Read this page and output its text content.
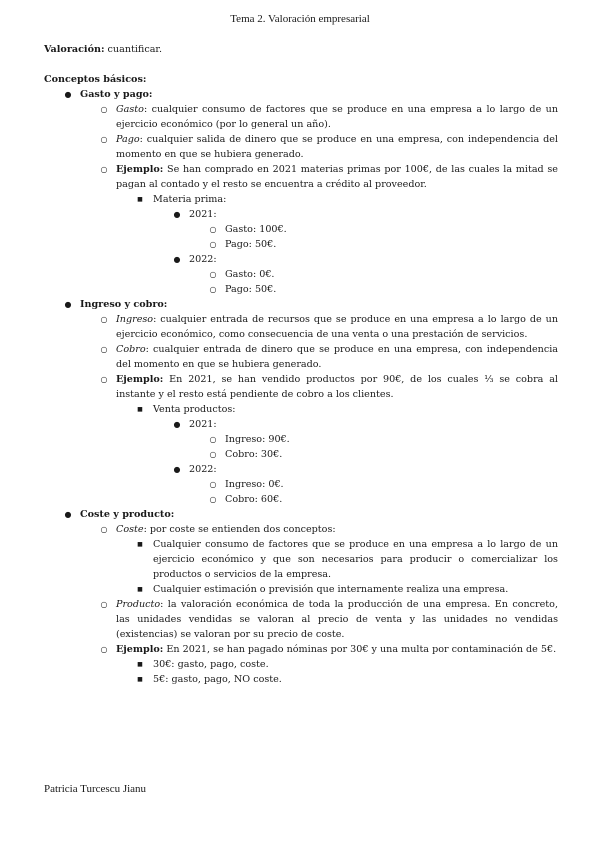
Tema 2. Valoración empresarial

Valoración: cuantificar.

Conceptos básicos:

● Gasto y pago:
○ Gasto: cualquier consumo de factores que se produce en una empresa a lo largo de un ejercicio económico (por lo general un año).
○ Pago: cualquier salida de dinero que se produce en una empresa, con independencia del momento en que se hubiera generado.
○ Ejemplo: Se han comprado en 2021 materias primas por 100€, de las cuales la mitad se pagan al contado y el resto se encuentra a crédito al proveedor.
■	Materia prima:
● 2021:
○ Gasto: 100€.
○ Pago: 50€.
● 2022:
○ Gasto: 0€.
○ Pago: 50€.
● Ingreso y cobro:
○ Ingreso: cualquier entrada de recursos que se produce en una empresa a lo largo de un ejercicio económico, como consecuencia de una venta o una prestación de servicios.
○ Cobro: cualquier entrada de dinero que se produce en una empresa, con independencia del momento en que se hubiera generado.
○ Ejemplo: En 2021, se han vendido productos por 90€, de los cuales ⅓ se cobra al instante y el resto está pendiente de cobro a los clientes.
■	Venta productos:
● 2021:
○ Ingreso: 90€.
○ Cobro: 30€.
● 2022:
○ Ingreso: 0€.
○ Cobro: 60€.
● Coste y producto:
○ Coste: por coste se entienden dos conceptos:
■	Cualquier consumo de factores que se produce en una empresa a lo largo de un ejercicio económico y que son necesarios para producir o comercializar los productos o servicios de la empresa.
■	Cualquier estimación o previsión que internamente realiza una empresa.
○ Producto: la valoración económica de toda la producción de una empresa. En concreto, las unidades vendidas se valoran al precio de venta y las unidades no vendidas (existencias) se valoran por su precio de coste.
○ Ejemplo: En 2021, se han pagado nóminas por 30€ y una multa por contaminación de 5€.
■	30€: gasto, pago, coste.
■	5€: gasto, pago, NO coste.
Patricia Turcescu Jianu
